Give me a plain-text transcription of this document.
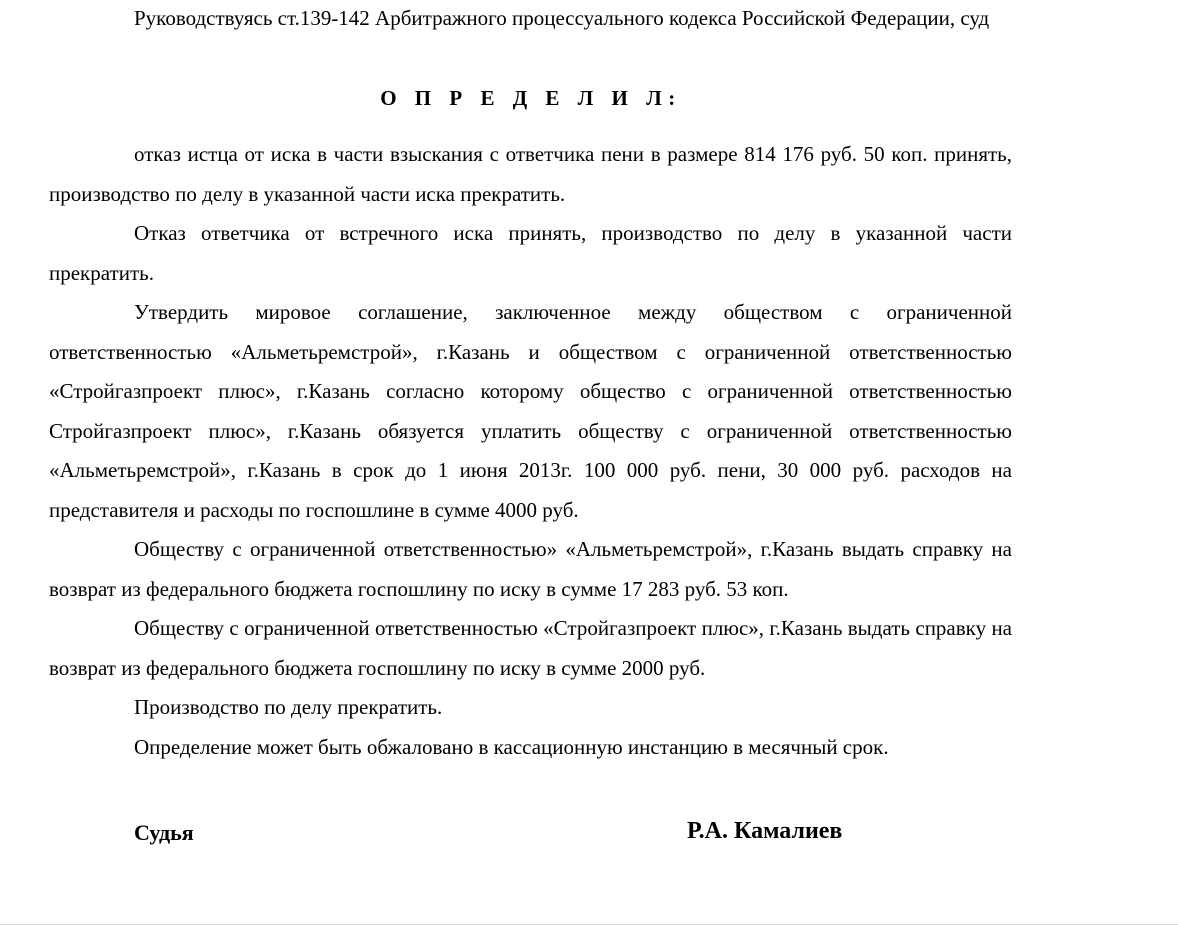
Руководствуясь ст.139-142 Арбитражного процессуального кодекса Российской Федерации, суд

О П Р Е Д Е Л И Л:

отказ истца от иска в части взыскания с ответчика пени в размере 814 176 руб. 50 коп. принять, производство по делу в указанной части иска прекратить.

Отказ ответчика от встречного иска принять, производство по делу в указанной части прекратить.

Утвердить мировое соглашение, заключенное между обществом с ограниченной ответственностью «Альметьремстрой», г.Казань и обществом с ограниченной ответственностью «Стройгазпроект плюс», г.Казань согласно которому общество с ограниченной ответственностью Стройгазпроект плюс», г.Казань обязуется уплатить обществу с ограниченной ответственностью «Альметьремстрой», г.Казань в срок до 1 июня 2013г. 100 000 руб. пени, 30 000 руб. расходов на представителя и расходы по госпошлине в сумме 4000 руб.

Обществу с ограниченной ответственностью» «Альметьремстрой», г.Казань выдать справку на возврат из федерального бюджета госпошлину по иску в сумме 17 283 руб. 53 коп.

Обществу с ограниченной ответственностью «Стройгазпроект плюс», г.Казань выдать справку на возврат из федерального бюджета госпошлину по иску в сумме 2000 руб.

Производство по делу прекратить.

Определение может быть обжаловано в кассационную инстанцию в месячный срок.

Судья	Р.А. Камалиев
